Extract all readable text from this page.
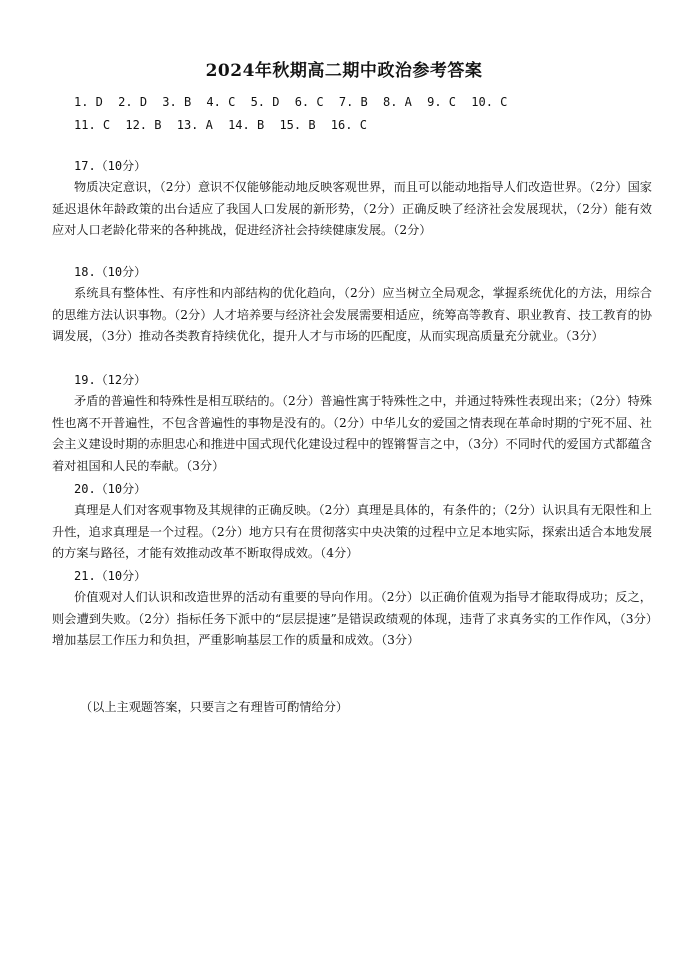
2024年秋期高二期中政治参考答案
1. D 2. D 3. B 4. C 5. D 6. C 7. B 8. A 9. C 10. C
11. C 12. B 13. A 14. B 15. B 16. C
17.（10分）
物质决定意识，（2分）意识不仅能够能动地反映客观世界，而且可以能动地指导人们改造世界。（2分）国家延迟退休年龄政策的出台适应了我国人口发展的新形势，（2分）正确反映了经济社会发展现状，（2分）能有效应对人口老龄化带来的各种挑战，促进经济社会持续健康发展。（2分）
18.（10分）
系统具有整体性、有序性和内部结构的优化趋向，（2分）应当树立全局观念，掌握系统优化的方法，用综合的思维方法认识事物。（2分）人才培养要与经济社会发展需要相适应，统筹高等教育、职业教育、技工教育的协调发展，（3分）推动各类教育持续优化，提升人才与市场的匹配度，从而实现高质量充分就业。（3分）
19.（12分）
矛盾的普遍性和特殊性是相互联结的。（2分）普遍性寓于特殊性之中，并通过特殊性表现出来；（2分）特殊性也离不开普遍性，不包含普遍性的事物是没有的。（2分）中华儿女的爱国之情表现在革命时期的宁死不屈、社会主义建设时期的赤胆忠心和推进中国式现代化建设过程中的铿锵誓言之中，（3分）不同时代的爱国方式都蕴含着对祖国和人民的奉献。（3分）
20.（10分）
真理是人们对客观事物及其规律的正确反映。（2分）真理是具体的，有条件的；（2分）认识具有无限性和上升性，追求真理是一个过程。（2分）地方只有在贯彻落实中央决策的过程中立足本地实际，探索出适合本地发展的方案与路径，才能有效推动改革不断取得成效。（4分）
21.（10分）
价值观对人们认识和改造世界的活动有重要的导向作用。（2分）以正确价值观为指导才能取得成功；反之，则会遭到失败。（2分）指标任务下派中的“层层提速”是错误政绩观的体现，违背了求真务实的工作作风，（3分）增加基层工作压力和负担，严重影响基层工作的质量和成效。（3分）
（以上主观题答案，只要言之有理皆可酌情给分）
